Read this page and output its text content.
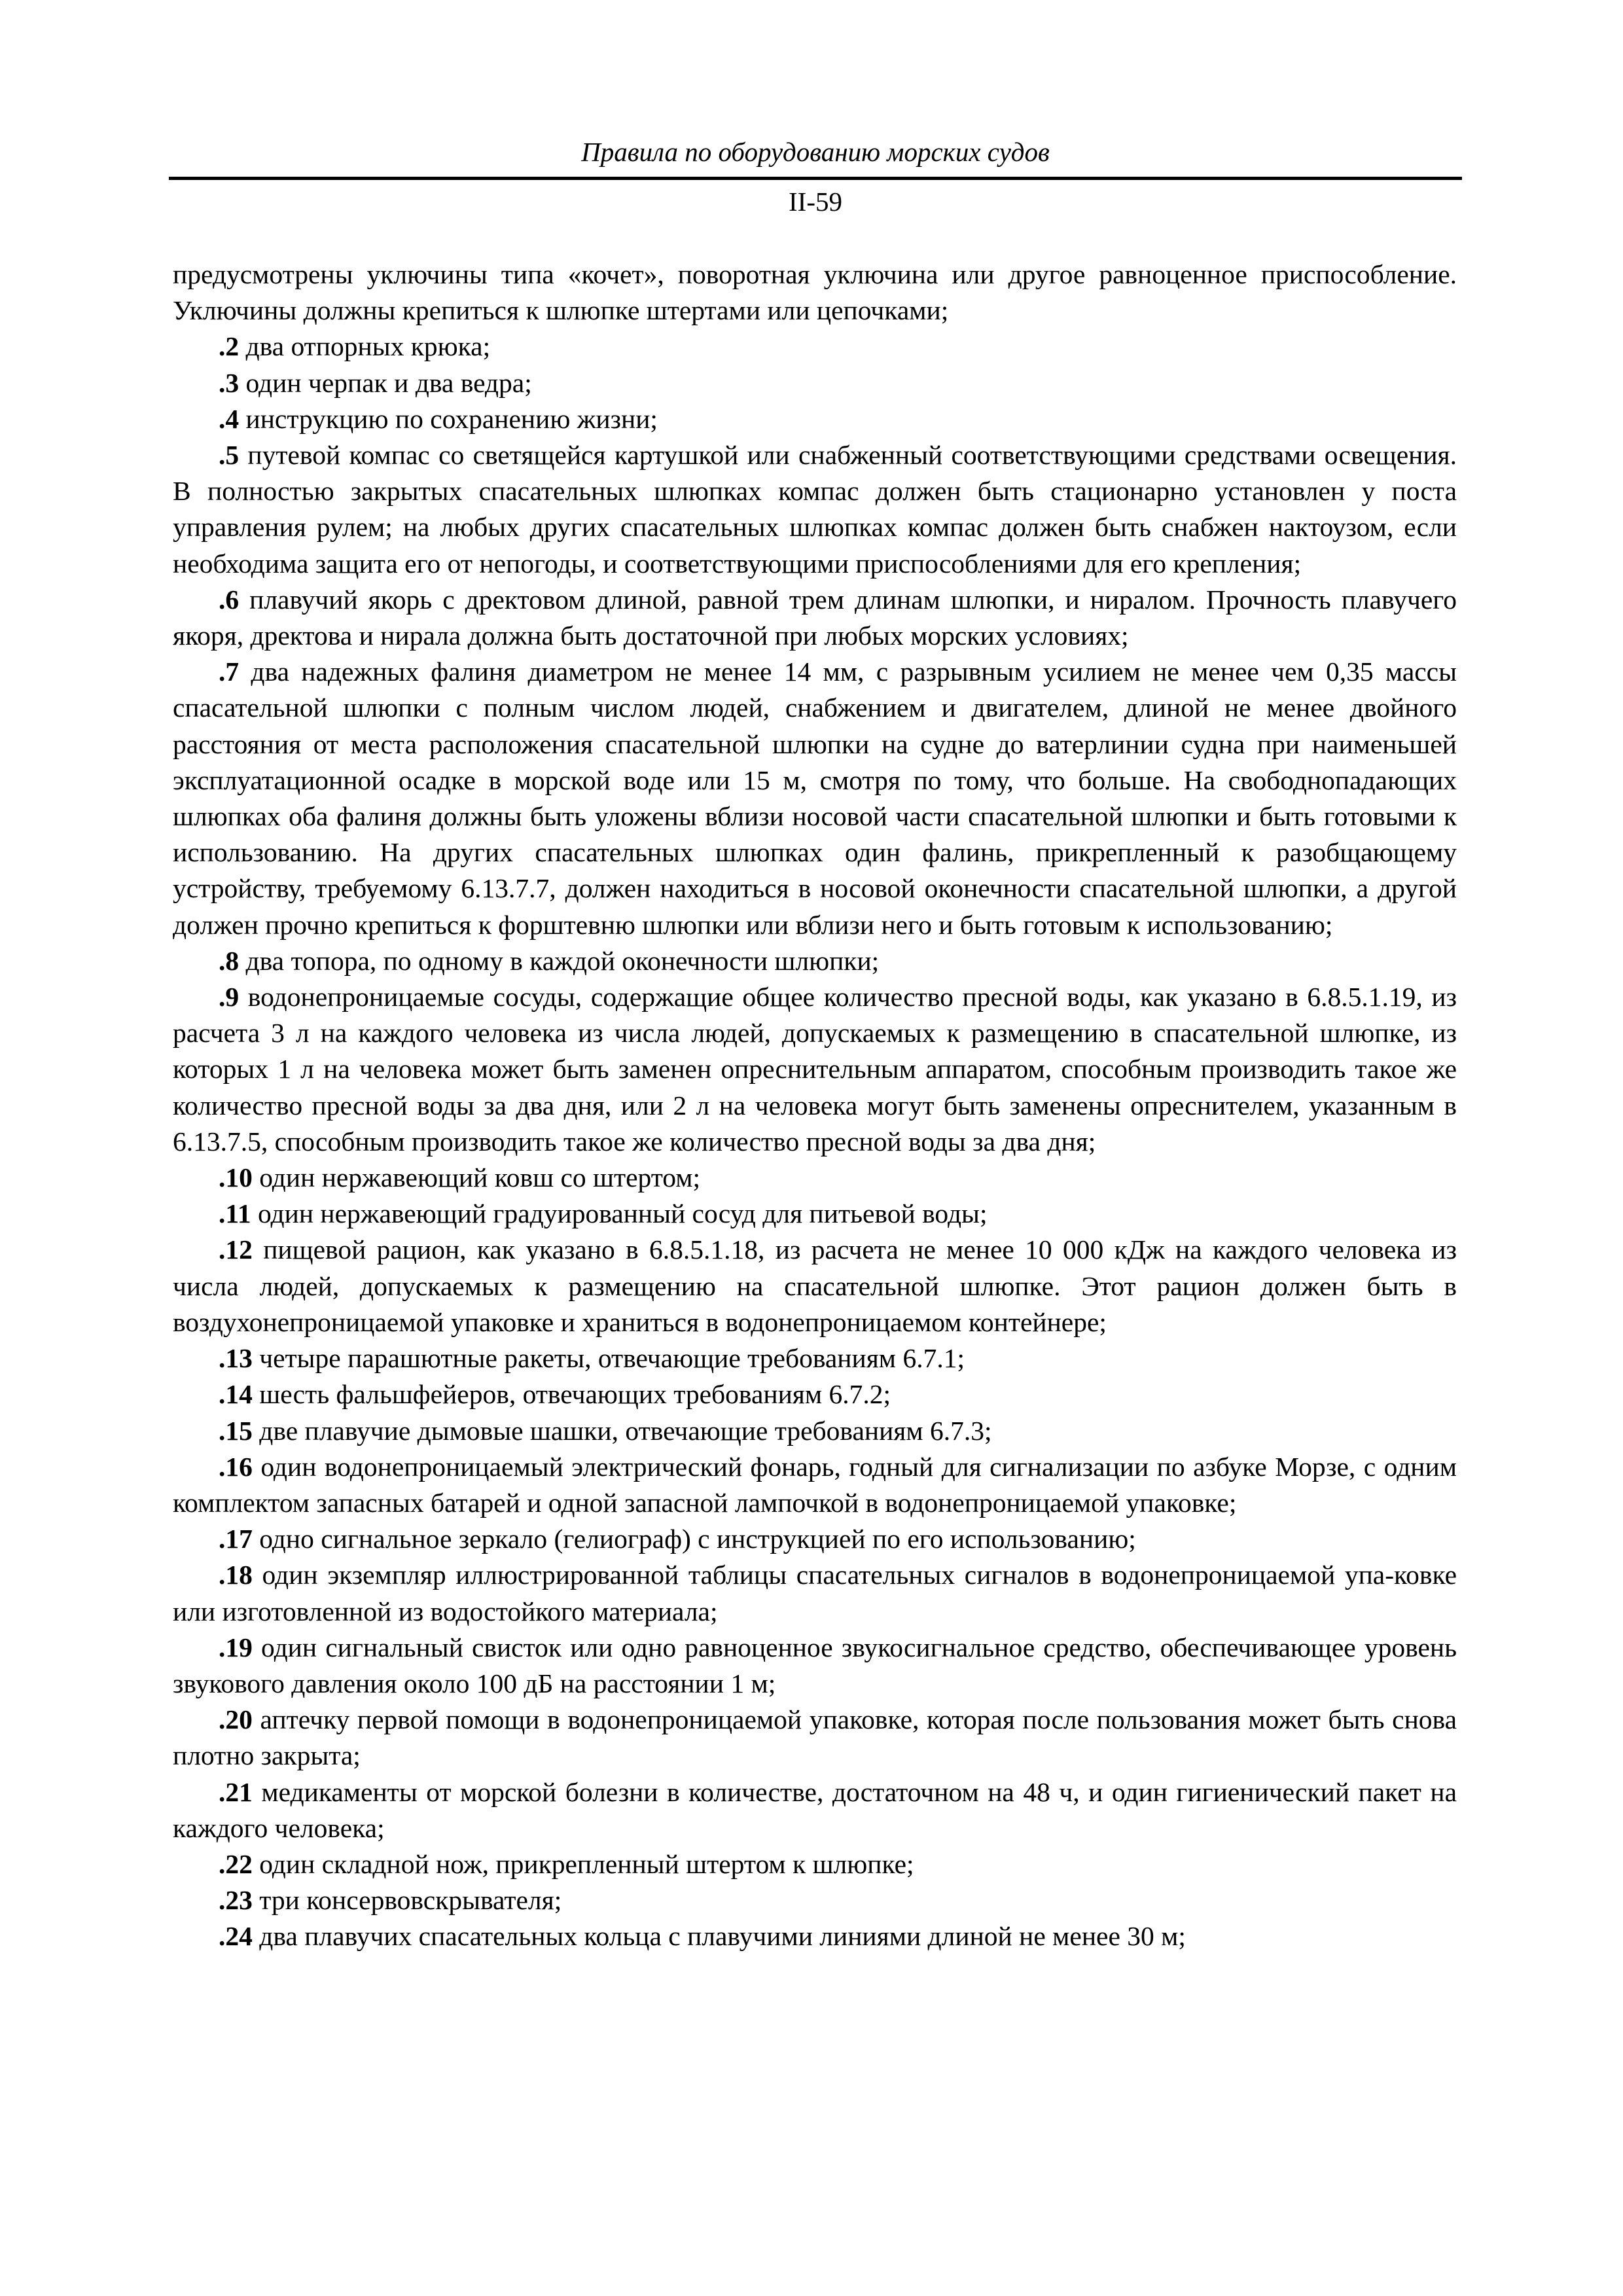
Правила по оборудованию морских судов
II-59

предусмотрены уключины типа «кочет», поворотная уключина или другое равноценное приспособление. Уключины должны крепиться к шлюпке штертами или цепочками;

.2 два отпорных крюка;

.3 один черпак и два ведра;

.4 инструкцию по сохранению жизни;

.5 путевой компас со светящейся картушкой или снабженный соответствующими средствами освещения. В полностью закрытых спасательных шлюпках компас должен быть стационарно установлен у поста управления рулем; на любых других спасательных шлюпках компас должен быть снабжен нактоузом, если необходима защита его от непогоды, и соответствующими приспособлениями для его крепления;

.6 плавучий якорь с дректовом длиной, равной трем длинам шлюпки, и ниралом. Прочность плавучего якоря, дректова и нирала должна быть достаточной при любых морских условиях;

.7 два надежных фалиня диаметром не менее 14 мм, с разрывным усилием не менее чем 0,35 массы спасательной шлюпки с полным числом людей, снабжением и двигателем, длиной не менее двойного расстояния от места расположения спасательной шлюпки на судне до ватерлинии судна при наименьшей эксплуатационной осадке в морской воде или 15 м, смотря по тому, что больше. На свободнопадающих шлюпках оба фалиня должны быть уложены вблизи носовой части спасательной шлюпки и быть готовыми к использованию. На других спасательных шлюпках один фалинь, прикрепленный к разобщающему устройству, требуемому 6.13.7.7, должен находиться в носовой оконечности спасательной шлюпки, а другой должен прочно крепиться к форштевню шлюпки или вблизи него и быть готовым к использованию;

.8 два топора, по одному в каждой оконечности шлюпки;

.9 водонепроницаемые сосуды, содержащие общее количество пресной воды, как указано в 6.8.5.1.19, из расчета 3 л на каждого человека из числа людей, допускаемых к размещению в спасательной шлюпке, из которых 1 л на человека может быть заменен опреснительным аппаратом, способным производить такое же количество пресной воды за два дня, или 2 л на человека могут быть заменены опреснителем, указанным в 6.13.7.5, способным производить такое же количество пресной воды за два дня;

.10 один нержавеющий ковш со штертом;

.11 один нержавеющий градуированный сосуд для питьевой воды;

.12 пищевой рацион, как указано в 6.8.5.1.18, из расчета не менее 10 000 кДж на каждого человека из числа людей, допускаемых к размещению на спасательной шлюпке. Этот рацион должен быть в воздухонепроницаемой упаковке и храниться в водонепроницаемом контейнере;

.13 четыре парашютные ракеты, отвечающие требованиям 6.7.1;

.14 шесть фальшфейеров, отвечающих требованиям 6.7.2;

.15 две плавучие дымовые шашки, отвечающие требованиям 6.7.3;

.16 один водонепроницаемый электрический фонарь, годный для сигнализации по азбуке Морзе, с одним комплектом запасных батарей и одной запасной лампочкой в водонепроницаемой упаковке;

.17 одно сигнальное зеркало (гелиограф) с инструкцией по его использованию;

.18 один экземпляр иллюстрированной таблицы спасательных сигналов в водонепроницаемой упа-ковке или изготовленной из водостойкого материала;

.19 один сигнальный свисток или одно равноценное звукосигнальное средство, обеспечивающее уровень звукового давления около 100 дБ на расстоянии 1 м;

.20 аптечку первой помощи в водонепроницаемой упаковке, которая после пользования может быть снова плотно закрыта;

.21 медикаменты от морской болезни в количестве, достаточном на 48 ч, и один гигиенический пакет на каждого человека;

.22 один складной нож, прикрепленный штертом к шлюпке;

.23 три консервовскрывателя;

.24 два плавучих спасательных кольца с плавучими линиями длиной не менее 30 м;
